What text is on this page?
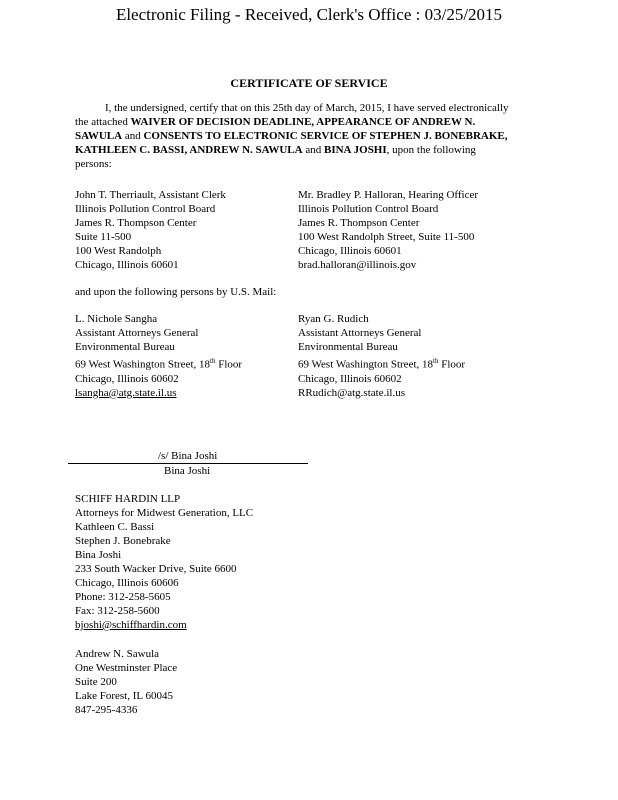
Electronic Filing - Received, Clerk's Office : 03/25/2015
CERTIFICATE OF SERVICE
I, the undersigned, certify that on this 25th day of March, 2015, I have served electronically the attached WAIVER OF DECISION DEADLINE, APPEARANCE OF ANDREW N. SAWULA and CONSENTS TO ELECTRONIC SERVICE OF STEPHEN J. BONEBRAKE, KATHLEEN C. BASSI, ANDREW N. SAWULA and BINA JOSHI, upon the following persons:
John T. Therriault, Assistant Clerk
Illinois Pollution Control Board
James R. Thompson Center
Suite 11-500
100 West Randolph
Chicago, Illinois 60601
Mr. Bradley P. Halloran, Hearing Officer
Illinois Pollution Control Board
James R. Thompson Center
100 West Randolph Street, Suite 11-500
Chicago, Illinois 60601
brad.halloran@illinois.gov
and upon the following persons by U.S. Mail:
L. Nichole Sangha
Assistant Attorneys General
Environmental Bureau
69 West Washington Street, 18th Floor
Chicago, Illinois 60602
lsangha@atg.state.il.us
Ryan G. Rudich
Assistant Attorneys General
Environmental Bureau
69 West Washington Street, 18th Floor
Chicago, Illinois 60602
RRudich@atg.state.il.us
/s/ Bina Joshi
Bina Joshi
SCHIFF HARDIN LLP
Attorneys for Midwest Generation, LLC
Kathleen C. Bassi
Stephen J. Bonebrake
Bina Joshi
233 South Wacker Drive, Suite 6600
Chicago, Illinois 60606
Phone: 312-258-5605
Fax: 312-258-5600
bjoshi@schiffhardin.com
Andrew N. Sawula
One Westminster Place
Suite 200
Lake Forest, IL 60045
847-295-4336
